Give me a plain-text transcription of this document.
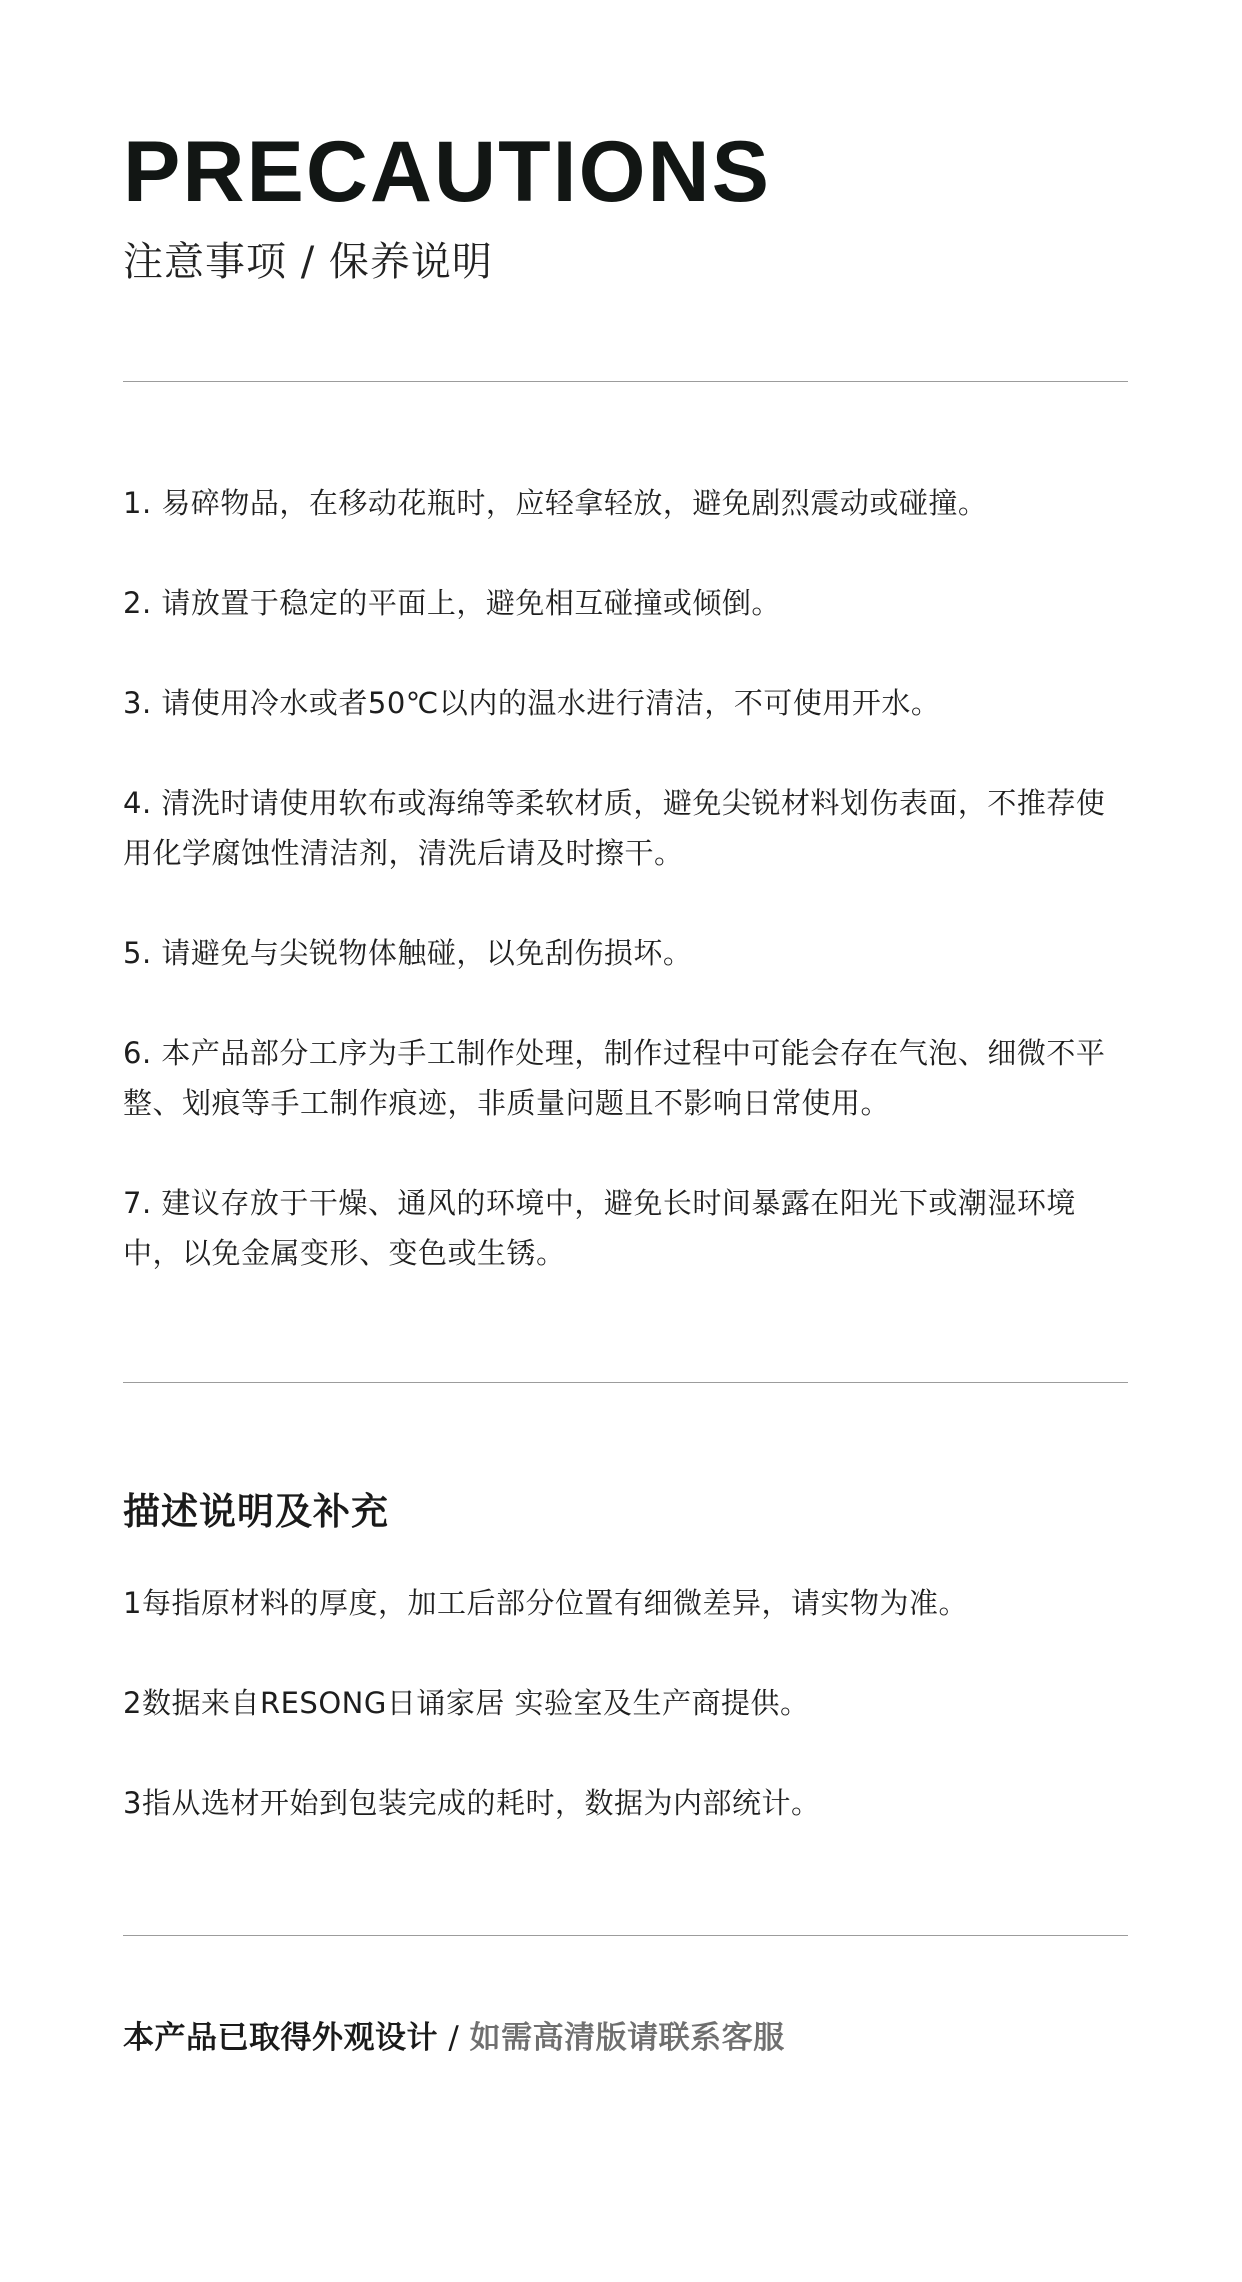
PRECAUTIONS
注意事项 / 保养说明
1. 易碎物品，在移动花瓶时，应轻拿轻放，避免剧烈震动或碰撞。
2. 请放置于稳定的平面上，避免相互碰撞或倾倒。
3. 请使用冷水或者50℃以内的温水进行清洁，不可使用开水。
4. 清洗时请使用软布或海绵等柔软材质，避免尖锐材料划伤表面，不推荐使用化学腐蚀性清洁剂，清洗后请及时擦干。
5. 请避免与尖锐物体触碰，以免刮伤损坏。
6. 本产品部分工序为手工制作处理，制作过程中可能会存在气泡、细微不平整、划痕等手工制作痕迹，非质量问题且不影响日常使用。
7. 建议存放于干燥、通风的环境中，避免长时间暴露在阳光下或潮湿环境中，以免金属变形、变色或生锈。
描述说明及补充
1每指原材料的厚度，加工后部分位置有细微差异，请实物为准。
2数据来自RESONG日诵家居 实验室及生产商提供。
3指从选材开始到包装完成的耗时，数据为内部统计。
本产品已取得外观设计 / 如需高清版请联系客服
